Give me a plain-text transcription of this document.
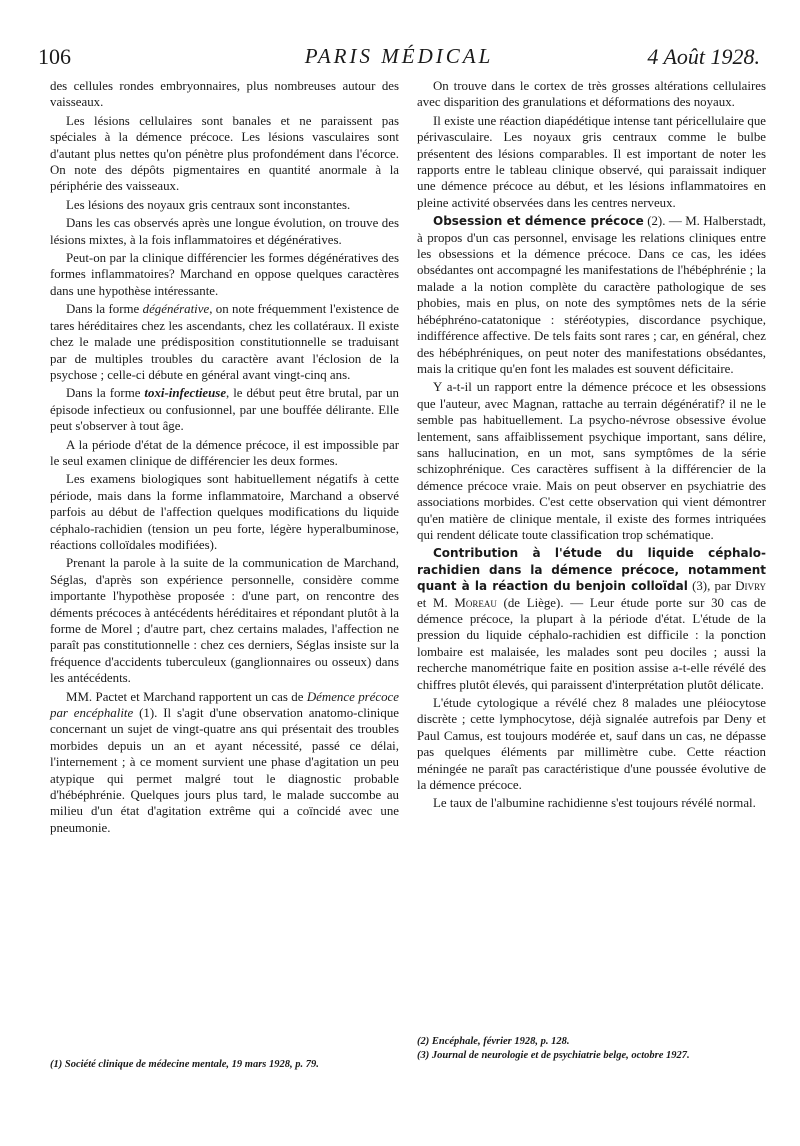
106	PARIS MÉDICAL	4 Août 1928.

des cellules rondes embryonnaires, plus nombreuses autour des vaisseaux.

Les lésions cellulaires sont banales et ne paraissent pas spéciales à la démence précoce. Les lésions vasculaires sont d'autant plus nettes qu'on pénètre plus profondément dans l'écorce. On note des dépôts pigmentaires en quantité anormale à la périphérie des vaisseaux.

Les lésions des noyaux gris centraux sont inconstantes.

Dans les cas observés après une longue évolution, on trouve des lésions mixtes, à la fois inflammatoires et dégénératives.

Peut-on par la clinique différencier les formes dégénératives des formes inflammatoires? Marchand en oppose quelques caractères dans une hypothèse intéressante.

Dans la forme dégénérative, on note fréquemment l'existence de tares héréditaires chez les ascendants, chez les collatéraux. Il existe chez le malade une prédisposition constitutionnelle se traduisant par de multiples troubles du caractère avant l'éclosion de la psychose ; celle-ci débute en général avant vingt-cinq ans.

Dans la forme toxi-infectieuse, le début peut être brutal, par un épisode infectieux ou confusionnel, par une bouffée délirante. Elle peut s'observer à tout âge.

A la période d'état de la démence précoce, il est impossible par le seul examen clinique de différencier les deux formes.

Les examens biologiques sont habituellement négatifs à cette période, mais dans la forme inflammatoire, Marchand a observé parfois au début de l'affection quelques modifications du liquide céphalo-rachidien (tension un peu forte, légère hyperalbuminose, réactions colloïdales modifiées).

Prenant la parole à la suite de la communication de Marchand, Séglas, d'après son expérience personnelle, considère comme importante l'hypothèse proposée : d'une part, on rencontre des déments précoces à antécédents héréditaires et répondant plutôt à la forme de Morel ; d'autre part, chez certains malades, l'affection ne paraît pas constitutionnelle : chez ces derniers, Séglas insiste sur la fréquence d'accidents tuberculeux (ganglionnaires ou osseux) dans les antécédents.

MM. Pactet et Marchand rapportent un cas de Démence précoce par encéphalite (1). Il s'agit d'une observation anatomo-clinique concernant un sujet de vingt-quatre ans qui présentait des troubles morbides depuis un an et ayant nécessité, passé ce délai, l'internement ; à ce moment survient une phase d'agitation un peu atypique qui permet malgré tout le diagnostic probable d'hébéphrénie. Quelques jours plus tard, le malade succombe au milieu d'un état d'agitation extrême qui a coïncidé avec une pneumonie.

On trouve dans le cortex de très grosses altérations cellulaires avec disparition des granulations et déformations des noyaux.

Il existe une réaction diapédétique intense tant péricellulaire que périvasculaire. Les noyaux gris centraux comme le bulbe présentent des lésions comparables. Il est important de noter les rapports entre le tableau clinique observé, qui paraissait indiquer une démence précoce au début, et les lésions inflammatoires en pleine activité observées dans les centres nerveux.

Obsession et démence précoce (2). — M. Halberstadt, à propos d'un cas personnel, envisage les relations cliniques entre les obsessions et la démence précoce. Dans ce cas, les idées obsédantes ont accompagné les manifestations de l'hébéphrénie ; la malade a la notion complète du caractère pathologique de ses phobies, mais en plus, on note des symptômes nets de la série hébéphréno-catatonique : stéréotypies, discordance psychique, indifférence affective. De tels faits sont rares ; car, en général, chez des hébéphréniques, on peut noter des manifestations obsédantes, mais la critique qu'en font les malades est souvent déficitaire.

Y a-t-il un rapport entre la démence précoce et les obsessions que l'auteur, avec Magnan, rattache au terrain dégénératif? il ne le semble pas habituellement. La psycho-névrose obsessive évolue lentement, sans affaiblissement psychique important, sans délire, sans hallucination, en un mot, sans symptômes de la série schizophrénique. Ces caractères suffisent à la différencier de la démence précoce vraie. Mais on peut observer en psychiatrie des associations morbides. C'est cette observation qui vient démontrer qu'en matière de clinique mentale, il existe des formes intriquées qui rendent délicate toute classification trop schématique.

Contribution à l'étude du liquide céphalo-rachidien dans la démence précoce, notamment quant à la réaction du benjoin colloïdal (3), par Divry et M. Moreau (de Liège). — Leur étude porte sur 30 cas de démence précoce, la plupart à la période d'état. L'étude de la pression du liquide céphalo-rachidien est difficile : la ponction lombaire est malaisée, les malades sont peu dociles ; aussi la recherche manométrique faite en position assise a-t-elle révélé des chiffres plutôt élevés, qui paraissent d'interprétation plutôt délicate.

L'étude cytologique a révélé chez 8 malades une pléiocytose discrète ; cette lymphocytose, déjà signalée autrefois par Deny et Paul Camus, est toujours modérée et, sauf dans un cas, ne dépasse pas quelques éléments par millimètre cube. Cette réaction méningée ne paraît pas caractéristique d'une poussée évolutive de la démence précoce.

Le taux de l'albumine rachidienne s'est toujours révélé normal.

(1) Société clinique de médecine mentale, 19 mars 1928, p. 79.
(2) Encéphale, février 1928, p. 128.
(3) Journal de neurologie et de psychiatrie belge, octobre 1927.
